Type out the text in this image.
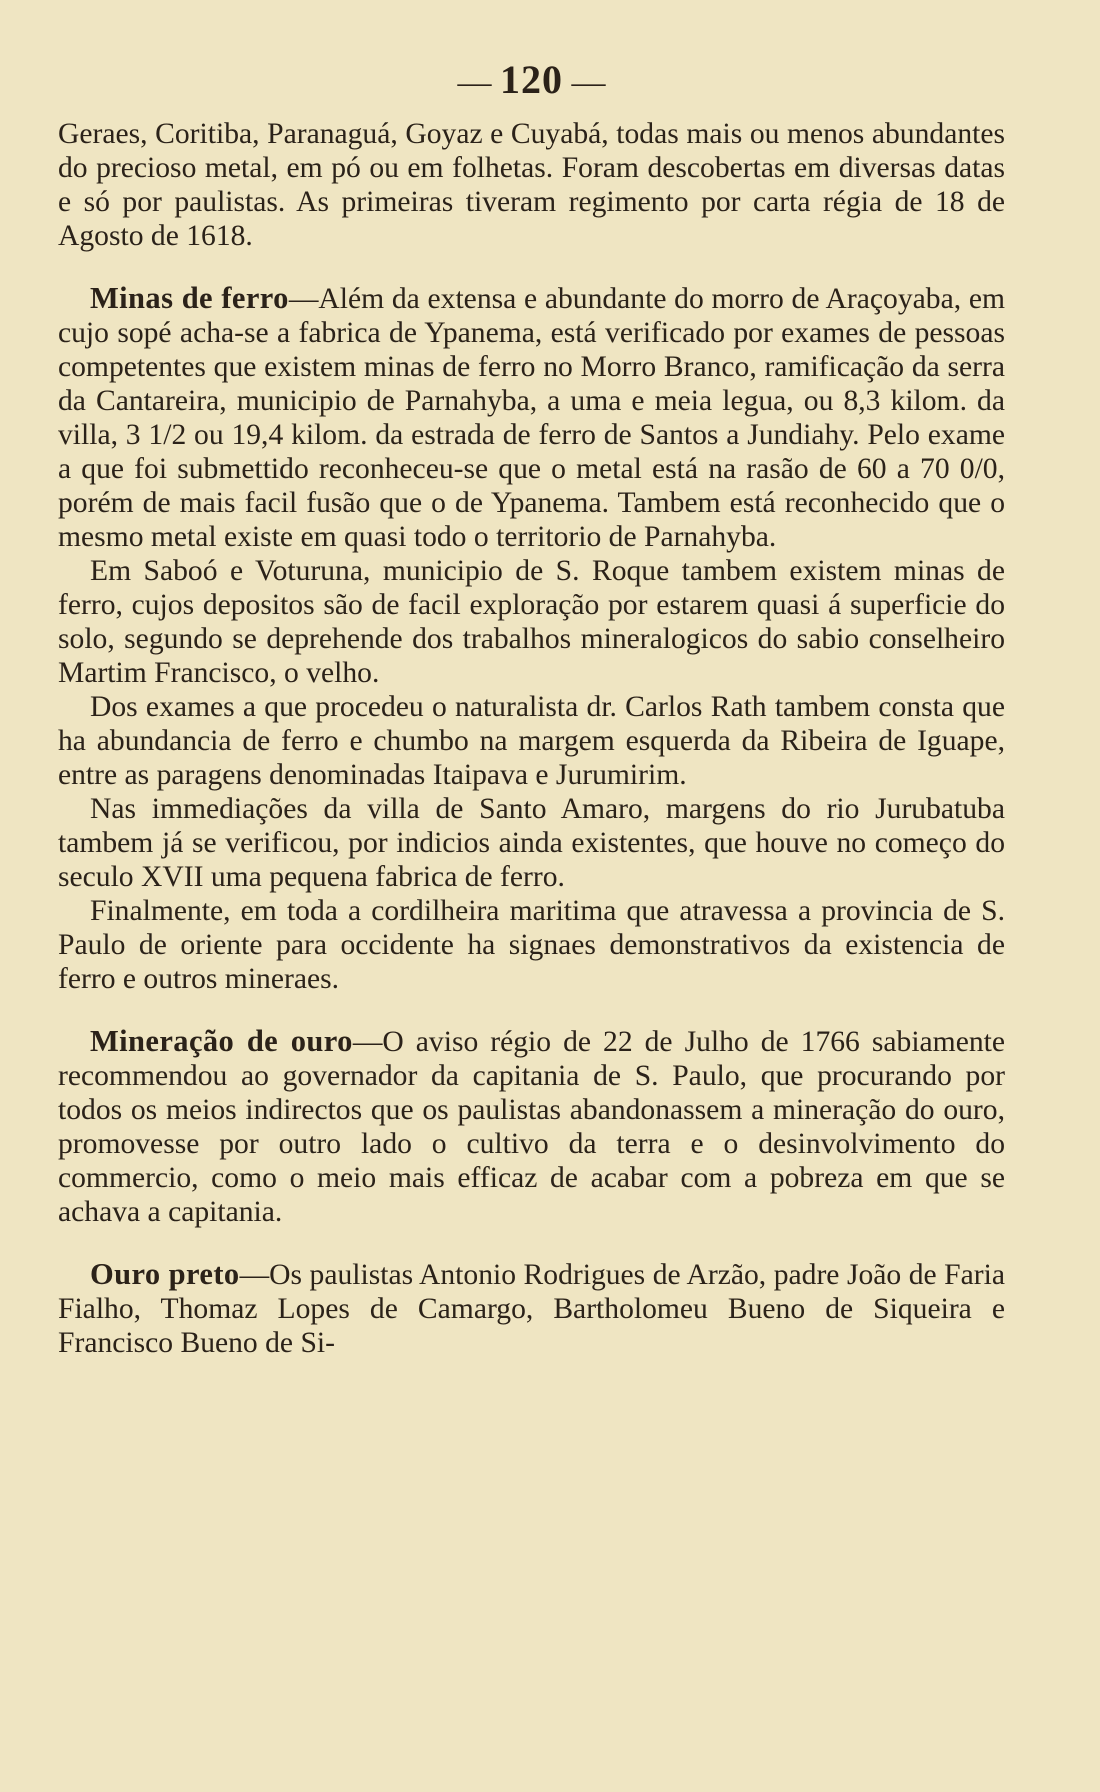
— 120 —

Geraes, Coritiba, Paranaguá, Goyaz e Cuyabá, todas mais ou menos abundantes do precioso metal, em pó ou em folhetas. Foram descobertas em diversas datas e só por paulistas. As primeiras tiveram regimento por carta régia de 18 de Agosto de 1618.

Minas de ferro—Além da extensa e abundante do morro de Araçoyaba, em cujo sopé acha-se a fabrica de Ypanema, está verificado por exames de pessoas competentes que existem minas de ferro no Morro Branco, ramificação da serra da Cantareira, municipio de Parnahyba, a uma e meia legua, ou 8,3 kilom. da villa, 3 1/2 ou 19,4 kilom. da estrada de ferro de Santos a Jundiahy. Pelo exame a que foi submettido reconheceu-se que o metal está na rasão de 60 a 70 0/0, porém de mais facil fusão que o de Ypanema. Tambem está reconhecido que o mesmo metal existe em quasi todo o territorio de Parnahyba.

Em Saboó e Voturuna, municipio de S. Roque tambem existem minas de ferro, cujos depositos são de facil exploração por estarem quasi á superficie do solo, segundo se deprehende dos trabalhos mineralogicos do sabio conselheiro Martim Francisco, o velho.

Dos exames a que procedeu o naturalista dr. Carlos Rath tambem consta que ha abundancia de ferro e chumbo na margem esquerda da Ribeira de Iguape, entre as paragens denominadas Itaipava e Jurumirim.

Nas immediações da villa de Santo Amaro, margens do rio Jurubatuba tambem já se verificou, por indicios ainda existentes, que houve no começo do seculo XVII uma pequena fabrica de ferro.

Finalmente, em toda a cordilheira maritima que atravessa a provincia de S. Paulo de oriente para occidente ha signaes demonstrativos da existencia de ferro e outros mineraes.

Mineração de ouro—O aviso régio de 22 de Julho de 1766 sabiamente recommendou ao governador da capitania de S. Paulo, que procurando por todos os meios indirectos que os paulistas abandonassem a mineração do ouro, promovesse por outro lado o cultivo da terra e o desinvolvimento do commercio, como o meio mais efficaz de acabar com a pobreza em que se achava a capitania.

Ouro preto—Os paulistas Antonio Rodrigues de Arzão, padre João de Faria Fialho, Thomaz Lopes de Camargo, Bartholomeu Bueno de Siqueira e Francisco Bueno de Si-
